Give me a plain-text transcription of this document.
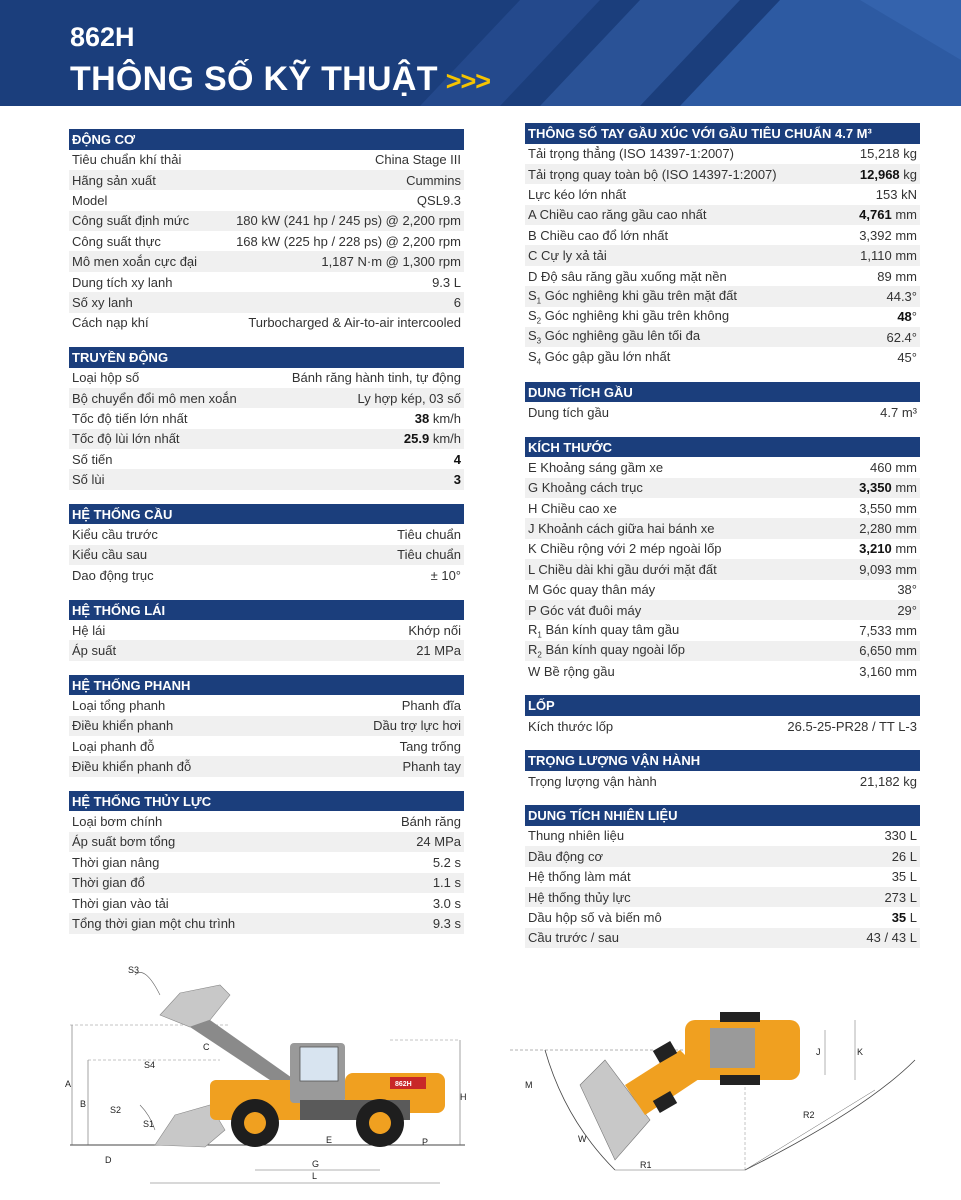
862H
THÔNG SỐ KỸ THUẬT >>>
ĐỘNG CƠ
Tiêu chuẩn khí thải	China Stage III
Hãng sản xuất	Cummins
Model	QSL9.3
Công suất định mức	180 kW (241 hp / 245 ps) @ 2,200 rpm
Công suất thực	168 kW (225 hp / 228 ps) @ 2,200 rpm
Mô men xoắn cực đại	1,187 N·m @ 1,300 rpm
Dung tích xy lanh	9.3 L
Số xy lanh	6
Cách nạp khí	Turbocharged & Air-to-air intercooled
TRUYỀN ĐỘNG
Loại hộp số	Bánh răng hành tinh, tự động
Bộ chuyển đổi mô men xoắn	Ly hợp kép, 03 số
Tốc độ tiến lớn nhất	38 km/h
Tốc độ lùi lớn nhất	25.9 km/h
Số tiến	4
Số lùi	3
HỆ THỐNG CẦU
Kiểu cầu trước	Tiêu chuẩn
Kiểu cầu sau	Tiêu chuẩn
Dao động trục	± 10°
HỆ THỐNG LÁI
Hệ lái	Khớp nối
Áp suất	21 MPa
HỆ THỐNG PHANH
Loại tổng phanh	Phanh đĩa
Điều khiển phanh	Dầu trợ lực hơi
Loại phanh đỗ	Tang trống
Điều khiển phanh đỗ	Phanh tay
HỆ THỐNG THỦY LỰC
Loại bơm chính	Bánh răng
Áp suất bơm tổng	24 MPa
Thời gian nâng	5.2 s
Thời gian đổ	1.1 s
Thời gian vào tải	3.0 s
Tổng thời gian một chu trình	9.3 s
THÔNG SỐ TAY GẦU XÚC VỚI GẦU TIÊU CHUẨN 4.7 M³
Tải trọng thẳng (ISO 14397-1:2007)	15,218 kg
Tải trọng quay toàn bộ (ISO 14397-1:2007)	12,968 kg
Lực kéo lớn nhất	153 kN
A Chiều cao răng gầu cao nhất	4,761 mm
B Chiều cao đổ lớn nhất	3,392 mm
C Cự ly xả tải	1,110 mm
D Độ sâu răng gầu xuống mặt nền	89 mm
$S_1$ Góc nghiêng khi gầu trên mặt đất	44.3°
$S_2$ Góc nghiêng khi gầu trên không	48°
$S_3$ Góc nghiêng gầu lên tối đa	62.4°
$S_4$ Góc gập gầu lớn nhất	45°
DUNG TÍCH GẦU
Dung tích gầu	4.7 m³
KÍCH THƯỚC
E Khoảng sáng gầm xe	460 mm
G Khoảng cách trục	3,350 mm
H Chiều cao xe	3,550 mm
J Khoảnh cách giữa hai bánh xe	2,280 mm
K Chiều rộng với 2 mép ngoài lốp	3,210 mm
L Chiều dài khi gầu dưới mặt đất	9,093 mm
M Góc quay thân máy	38°
P Góc vát đuôi máy	29°
$R_1$ Bán kính quay tâm gầu	7,533 mm
$R_2$ Bán kính quay ngoài lốp	6,650 mm
W Bề rộng gầu	3,160 mm
LỐP
Kích thước lốp	26.5-25-PR28 / TT L-3
TRỌNG LƯỢNG VẬN HÀNH
Trọng lượng vận hành	21,182 kg
DUNG TÍCH NHIÊN LIỆU
Thung nhiên liệu	330 L
Dầu động cơ	26 L
Hệ thống làm mát	35 L
Hệ thống thủy lực	273 L
Dầu hộp số và biến mô	35 L
Cầu trước / sau	43 / 43 L
862H
S3
C
S4
A
B
S2
S1
E
H
P
D	G
L
M
W
R1
R2
J	K
